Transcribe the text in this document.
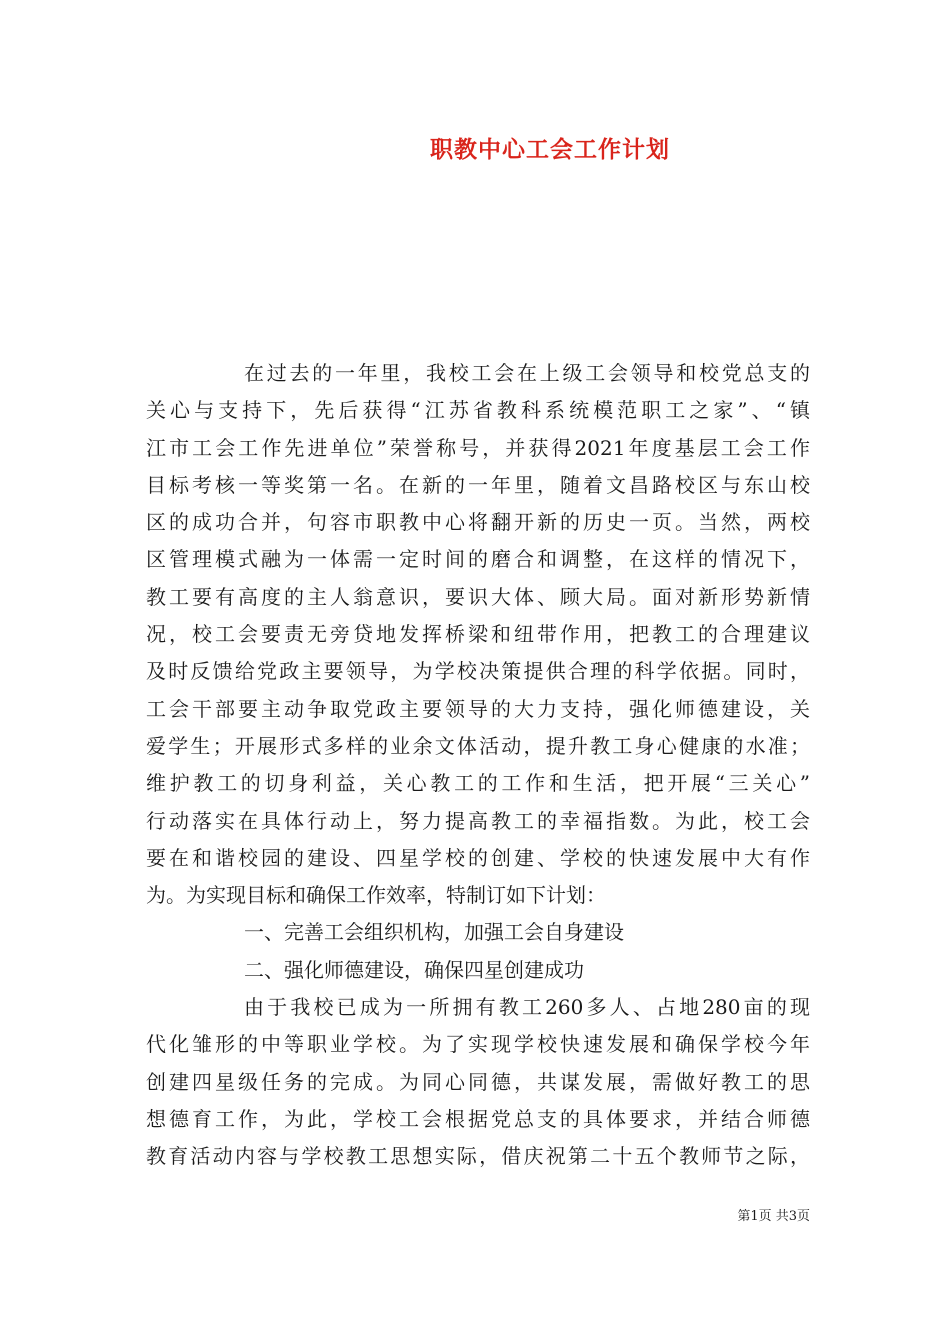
职教中心工会工作计划
在过去的一年里，我校工会在上级工会领导和校党总支的
关心与支持下，先后获得“江苏省教科系统模范职工之家”、“镇
江市工会工作先进单位”荣誉称号，并获得2021年度基层工会工作
目标考核一等奖第一名。在新的一年里，随着文昌路校区与东山校
区的成功合并，句容市职教中心将翻开新的历史一页。当然，两校
区管理模式融为一体需一定时间的磨合和调整，在这样的情况下，
教工要有高度的主人翁意识，要识大体、顾大局。面对新形势新情
况，校工会要责无旁贷地发挥桥梁和纽带作用，把教工的合理建议
及时反馈给党政主要领导，为学校决策提供合理的科学依据。同时，
工会干部要主动争取党政主要领导的大力支持，强化师德建设，关
爱学生；开展形式多样的业余文体活动，提升教工身心健康的水准；
维护教工的切身利益，关心教工的工作和生活，把开展“三关心”
行动落实在具体行动上，努力提高教工的幸福指数。为此，校工会
要在和谐校园的建设、四星学校的创建、学校的快速发展中大有作
为。为实现目标和确保工作效率，特制订如下计划：
一、完善工会组织机构，加强工会自身建设
二、强化师德建设，确保四星创建成功
由于我校已成为一所拥有教工260多人、占地280亩的现
代化雏形的中等职业学校。为了实现学校快速发展和确保学校今年
创建四星级任务的完成。为同心同德，共谋发展，需做好教工的思
想德育工作，为此，学校工会根据党总支的具体要求，并结合师德
教育活动内容与学校教工思想实际，借庆祝第二十五个教师节之际，
第1页 共3页
